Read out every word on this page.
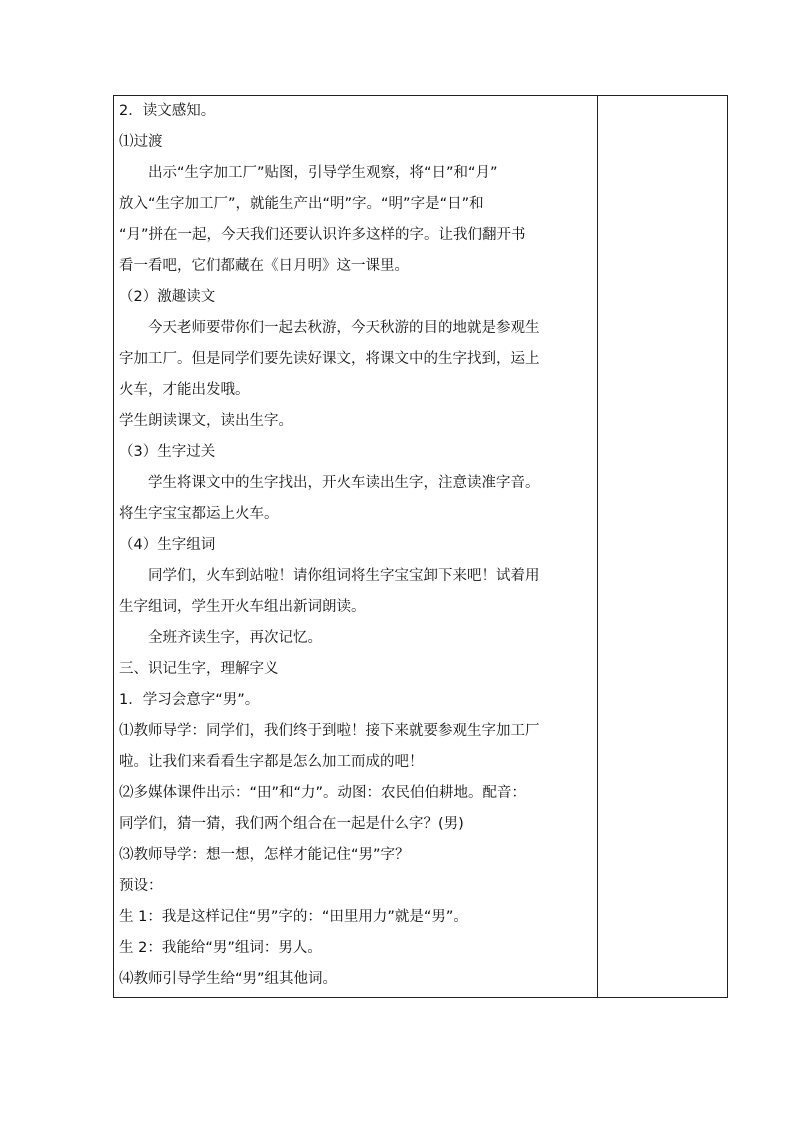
2．读文感知。
⑴过渡
出示“生字加工厂”贴图，引导学生观察，将“日”和“月”
放入“生字加工厂”，就能生产出“明”字。“明”字是“日”和
“月”拼在一起，今天我们还要认识许多这样的字。让我们翻开书
看一看吧，它们都藏在《日月明》这一课里。
（2）激趣读文
今天老师要带你们一起去秋游，今天秋游的目的地就是参观生
字加工厂。但是同学们要先读好课文，将课文中的生字找到，运上
火车，才能出发哦。
学生朗读课文，读出生字。
（3）生字过关
学生将课文中的生字找出，开火车读出生字，注意读准字音。
将生字宝宝都运上火车。
（4）生字组词
同学们，火车到站啦！请你组词将生字宝宝卸下来吧！试着用
生字组词，学生开火车组出新词朗读。
全班齐读生字，再次记忆。
三、识记生字，理解字义
1．学习会意字“男”。
⑴教师导学：同学们，我们终于到啦！接下来就要参观生字加工厂
啦。让我们来看看生字都是怎么加工而成的吧！
⑵多媒体课件出示：“田”和“力”。动图：农民伯伯耕地。配音：
同学们，猜一猜，我们两个组合在一起是什么字？(男)
⑶教师导学：想一想，怎样才能记住“男”字？
预设：
生 1：我是这样记住“男”字的：“田里用力”就是“男”。
生 2：我能给“男”组词：男人。
⑷教师引导学生给“男”组其他词。
